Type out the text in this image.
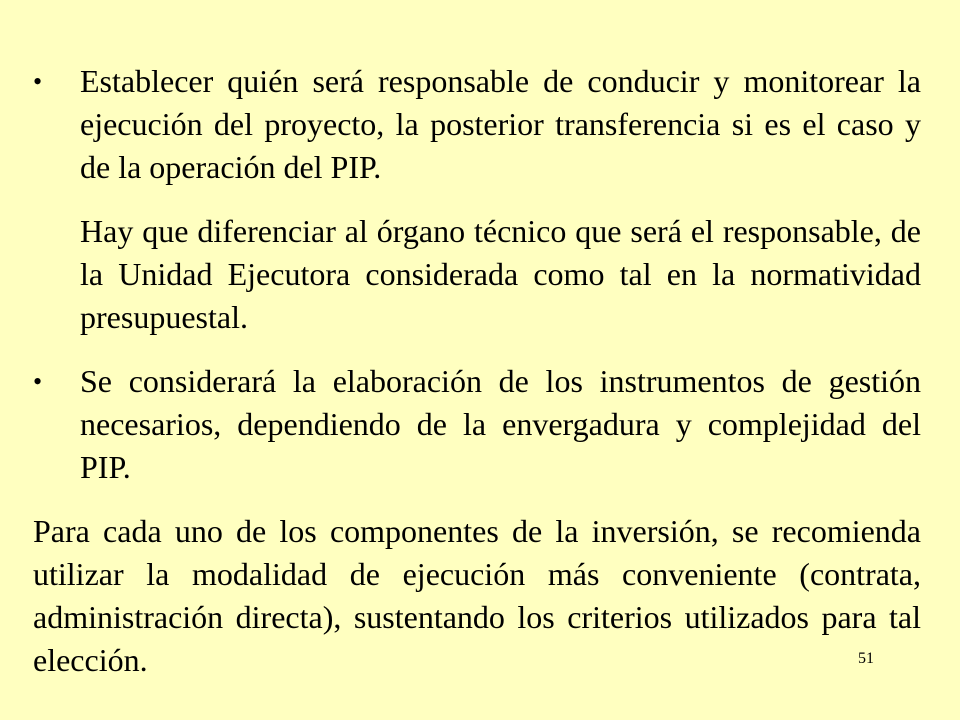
• Establecer quién será responsable de conducir y monitorear la ejecución del proyecto, la posterior transferencia si es el caso y de la operación del PIP.

Hay que diferenciar al órgano técnico que será el responsable, de la Unidad Ejecutora considerada como tal en la normatividad presupuestal.

• Se considerará la elaboración de los instrumentos de gestión necesarios, dependiendo de la envergadura y complejidad del PIP.

Para cada uno de los componentes de la inversión, se recomienda utilizar la modalidad de ejecución más conveniente (contrata, administración directa), sustentando los criterios utilizados para tal elección.	51
